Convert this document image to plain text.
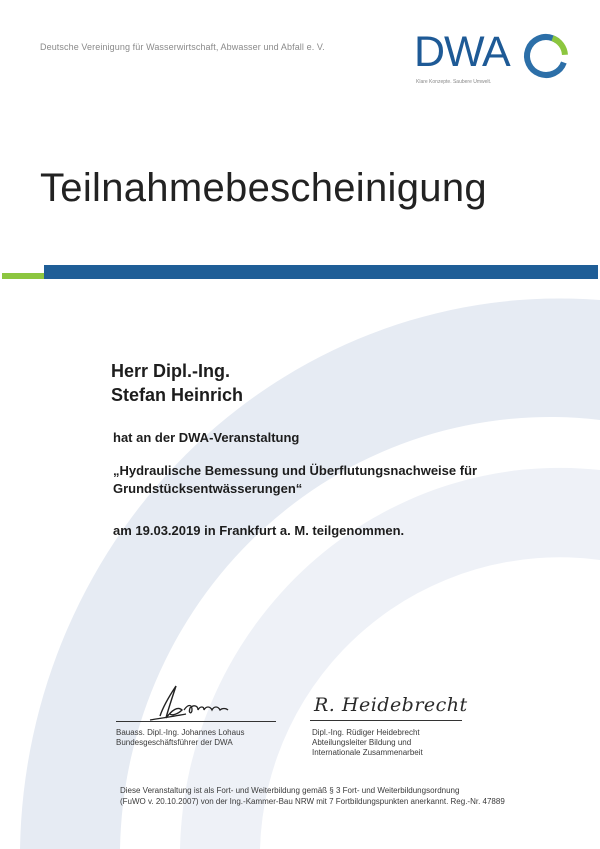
Deutsche Vereinigung für Wasserwirtschaft, Abwasser und Abfall e. V. DWA
Klare Konzepte. Saubere Umwelt.
Teilnahmebescheinigung
Herr Dipl.-Ing.
Stefan Heinrich
hat an der DWA-Veranstaltung
„Hydraulische Bemessung und Überflutungsnachweise für
Grundstücksentwässerungen“
am 19.03.2019 in Frankfurt a. M. teilgenommen.
R. Heidebrecht
Bauass. Dipl.-Ing. Johannes Lohaus
Bundesgeschäftsführer der DWA
Dipl.-Ing. Rüdiger Heidebrecht
Abteilungsleiter Bildung und
Internationale Zusammenarbeit
Diese Veranstaltung ist als Fort- und Weiterbildung gemäß § 3 Fort- und Weiterbildungsordnung
(FuWO v. 20.10.2007) von der Ing.-Kammer-Bau NRW mit 7 Fortbildungspunkten anerkannt. Reg.-Nr. 47889
